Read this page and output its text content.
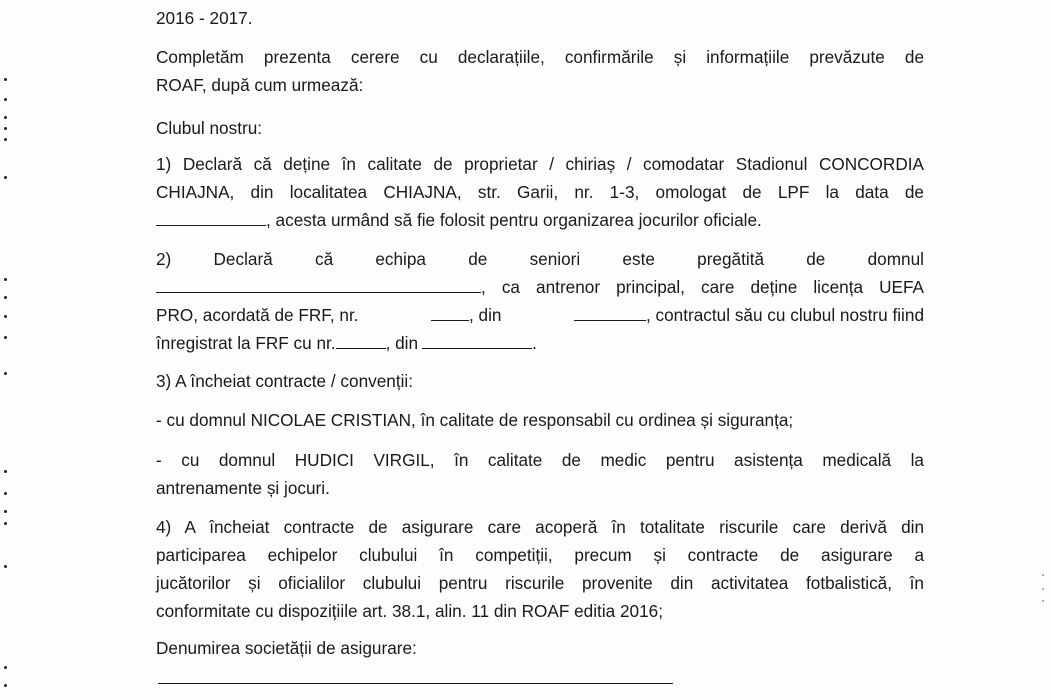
2016 - 2017.
Completăm prezenta cerere cu declarațiile, confirmările și informațiile prevăzute de
ROAF, după cum urmează:
Clubul nostru:
1) Declară că deține în calitate de proprietar / chiriaș / comodatar Stadionul CONCORDIA
CHIAJNA, din localitatea CHIAJNA, str. Garii, nr. 1-3, omologat de LPF la data de
, acesta urmând să fie folosit pentru organizarea jocurilor oficiale.
2) Declară că echipa de seniori este pregătită de domnul
, ca antrenor principal, care deține licența UEFA
PRO, acordată de FRF, nr.	, din	, contractul său cu clubul nostru fiind
înregistrat la FRF cu nr.	, din	.
3) A încheiat contracte / convenții:
- cu domnul NICOLAE CRISTIAN, în calitate de responsabil cu ordinea și siguranța;
- cu domnul HUDICI VIRGIL, în calitate de medic pentru asistența medicală la
antrenamente și jocuri.
4) A încheiat contracte de asigurare care acoperă în totalitate riscurile care derivă din
participarea echipelor clubului în competiții, precum și contracte de asigurare a
jucătorilor și oficialilor clubului pentru riscurile provenite din activitatea fotbalistică, în
conformitate cu dispozițiile art. 38.1, alin. 11 din ROAF editia 2016;
Denumirea societății de asigurare:
